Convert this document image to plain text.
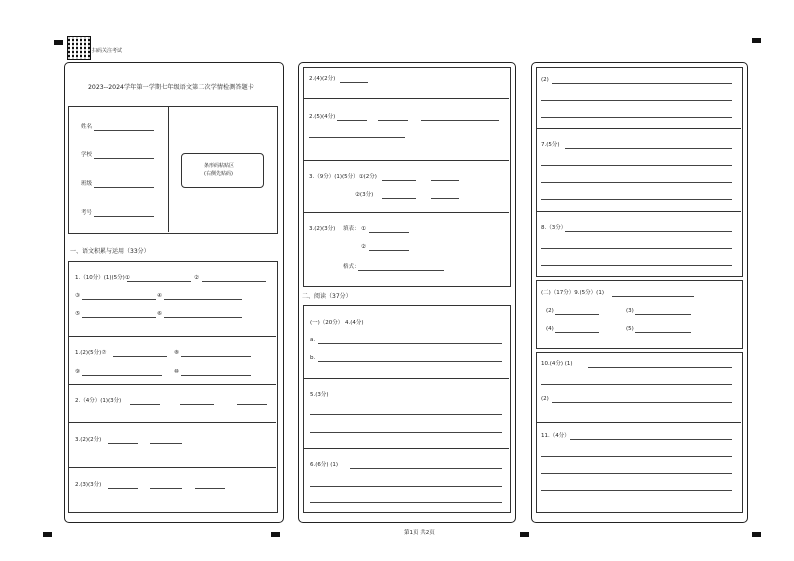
扫码关注考试
2023--2024学年第一学期七年级语文第二次学情检测答题卡
姓名
学校
班级
考号
条形码粘贴区
(右侧先贴码)
一、语文积累与运用（33分）
1.（10分）(1)(5分)①	②
③	④
⑤	⑥
1.(2)(5分)⑦	⑧
⑨	⑩
2.（4分）(1)(3分)
3.(2)(2分)
2.(3)(3分)
2.(4)(2分)
2.(5)(4分)
3.（9分）(1)(5分）①(2分)
②(3分)
3.(2)(3分) 填表： ①
②
格式：
二、阅读（37分）
(一)（20分） 4.(4分)
a.
b.
5.(3分)
6.(6分) (1)
(2)
7.(5分)
8.（3分）
(二)（17分）9.(5分）(1)
(2)	(3)
(4)	(5)
10.(4分) (1)
(2)
11.（4分）
第1页 共2页
